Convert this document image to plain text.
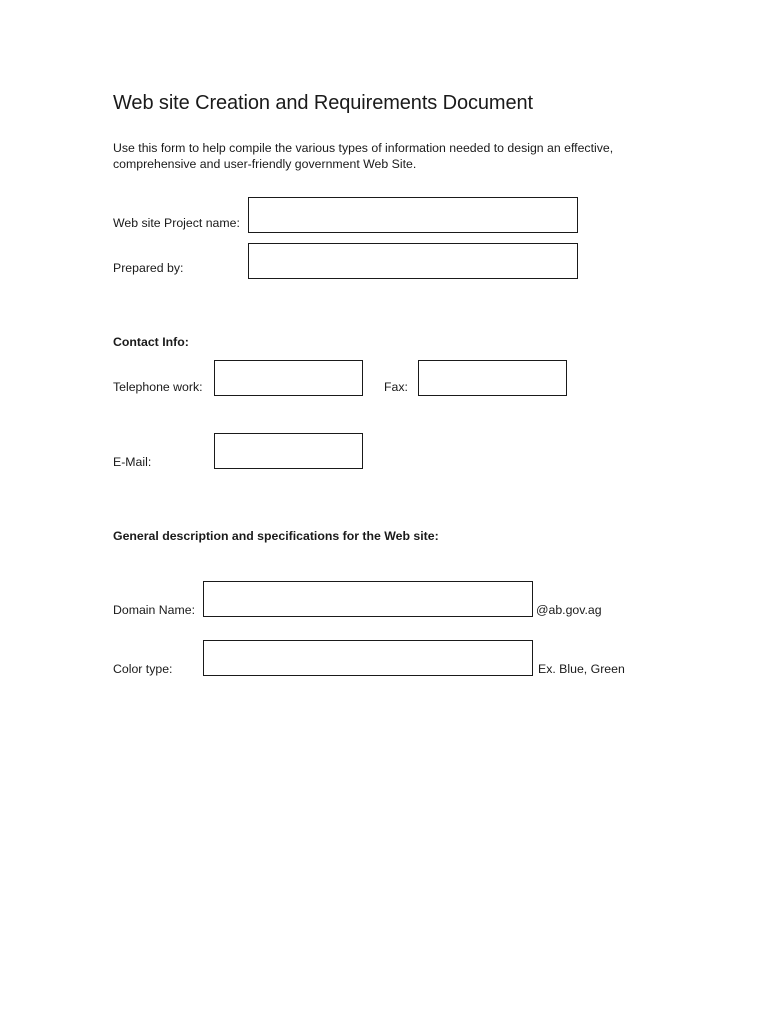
Web site Creation and Requirements Document

Use this form to help compile the various types of information needed to design an effective, comprehensive and user-friendly government Web Site.

Web site Project name:
Prepared by:
Contact Info:
Telephone work:	Fax:
E-Mail:
General description and specifications for the Web site:
Domain Name:	@ab.gov.ag
Color type:	Ex. Blue, Green
